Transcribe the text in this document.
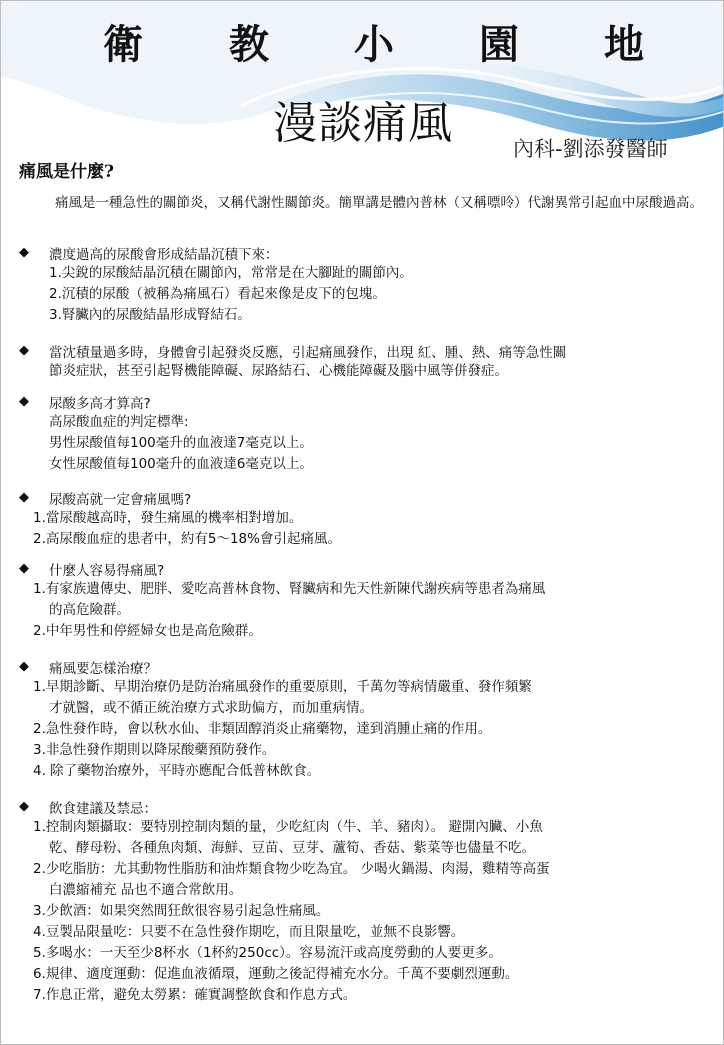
衛 教 小 園 地
漫談痛風	內科-劉添發醫師
痛風是什麼?
痛風是一種急性的關節炎，又稱代謝性關節炎。簡單講是體內普林（又稱嘌呤）代謝異常引起血中尿酸過高。
◆	濃度過高的尿酸會形成結晶沉積下來：
1.尖銳的尿酸結晶沉積在關節內，常常是在大腳趾的關節內。
2.沉積的尿酸（被稱為痛風石）看起來像是皮下的包塊。
3.腎臟內的尿酸結晶形成腎結石。
◆	當沈積量過多時，身體會引起發炎反應，引起痛風發作，出現 紅、腫、熱、痛等急性關
節炎症狀，甚至引起腎機能障礙、尿路結石、心機能障礙及腦中風等併發症。
◆	尿酸多高才算高?
高尿酸血症的判定標準:
男性尿酸值每100毫升的血液達7毫克以上。
女性尿酸值每100毫升的血液達6毫克以上。
◆	尿酸高就一定會痛風嗎?
1.當尿酸越高時，發生痛風的機率相對增加。
2.高尿酸血症的患者中，約有5～18%會引起痛風。
◆	什麼人容易得痛風?
1.有家族遺傳史、肥胖、愛吃高普林食物、腎臟病和先天性新陳代謝疾病等患者為痛風
的高危險群。
2.中年男性和停經婦女也是高危險群。
◆	痛風要怎樣治療？
1.早期診斷、早期治療仍是防治痛風發作的重要原則，千萬勿等病情嚴重、發作頻繁
才就醫，或不循正統治療方式求助偏方，而加重病情。
2.急性發作時，會以秋水仙、非類固醇消炎止痛藥物，達到消腫止痛的作用。
3.非急性發作期則以降尿酸藥預防發作。
4. 除了藥物治療外，平時亦應配合低普林飲食。
◆	飲食建議及禁忌：
1.控制肉類攝取：要特別控制肉類的量，少吃紅肉（牛、羊、豬肉）。 避開內臟、小魚
乾、酵母粉、各種魚肉類、海鮮、豆苗、豆芽、蘆筍、香菇、紫菜等也儘量不吃。
2.少吃脂肪：尤其動物性脂肪和油炸類食物少吃為宜。 少喝火鍋湯、肉湯，雞精等高蛋
白濃縮補充 品也不適合常飲用。
3.少飲酒：如果突然間狂飲很容易引起急性痛風。
4.豆製品限量吃：只要不在急性發作期吃，而且限量吃，並無不良影響。
5.多喝水：一天至少8杯水（1杯約250cc）。容易流汗或高度勞動的人要更多。
6.規律、適度運動：促進血液循環，運動之後記得補充水分。千萬不要劇烈運動。
7.作息正常，避免太勞累：確實調整飲食和作息方式。
